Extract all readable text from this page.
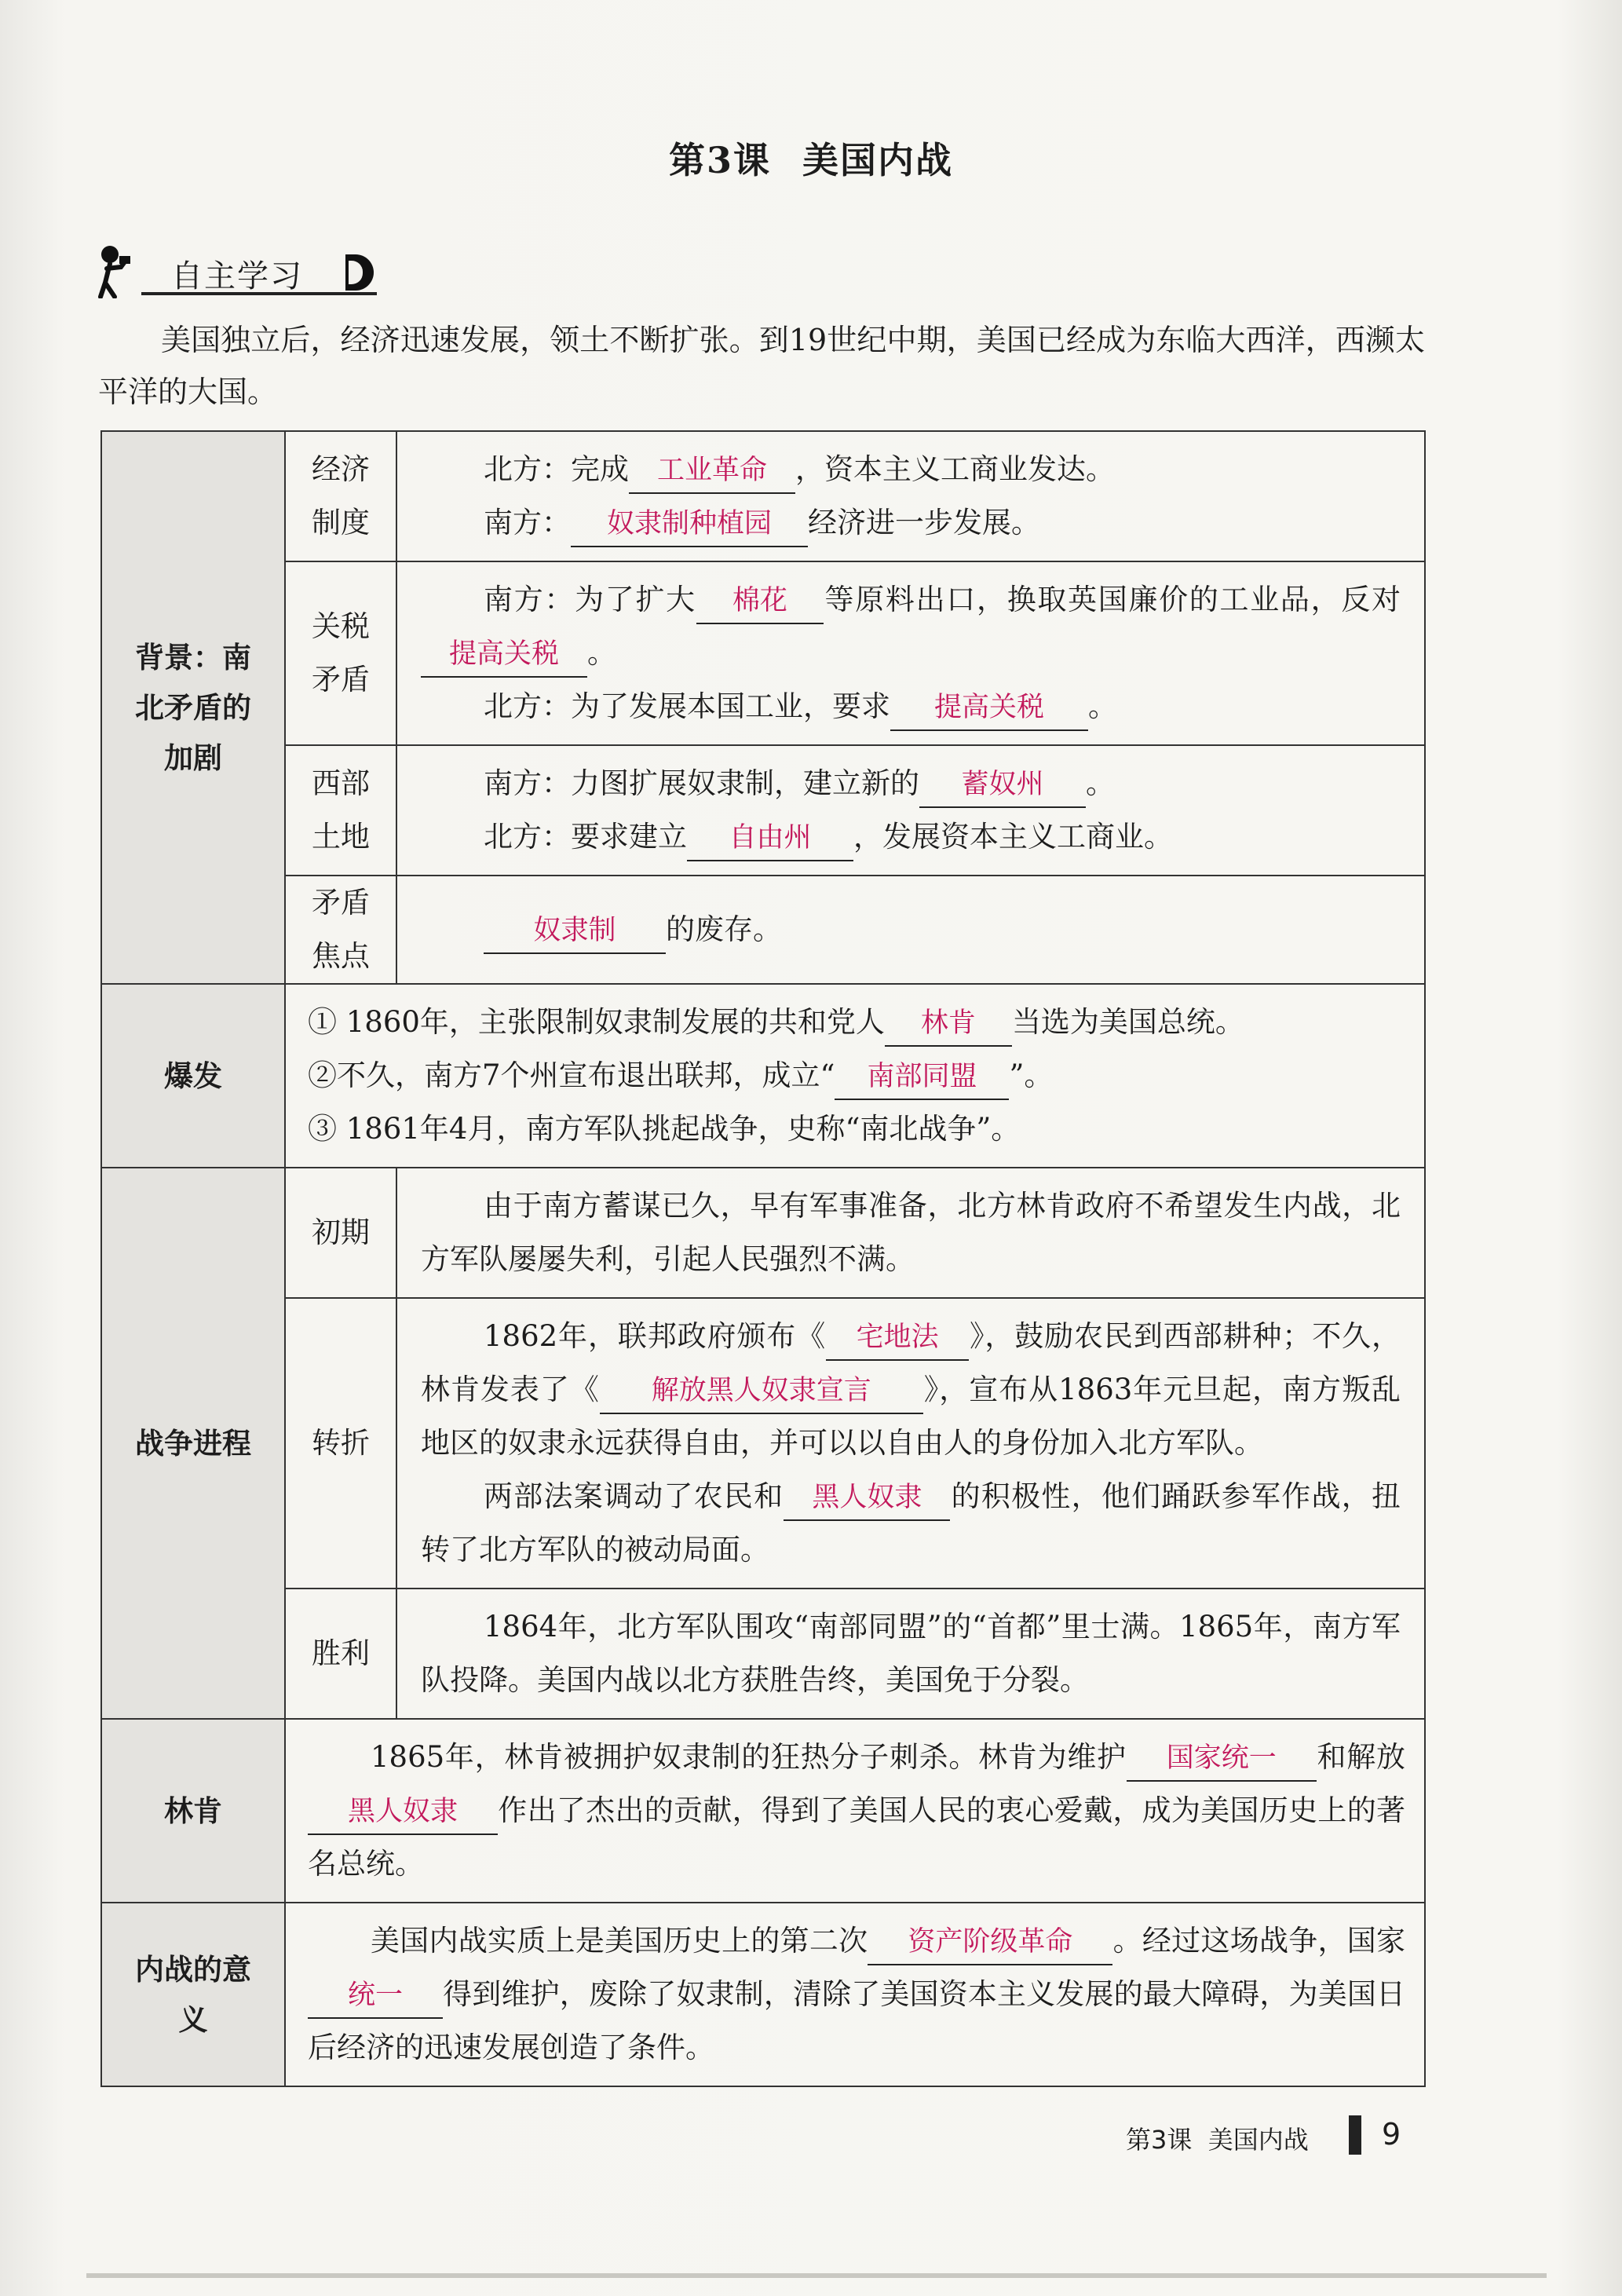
第3课 美国内战
自主学习
美国独立后，经济迅速发展，领土不断扩张。到19世纪中期，美国已经成为东临大西洋，西濒太平洋的大国。
背景：南北矛盾的加剧	经济制度	北方：完成 工业革命 ，资本主义工商业发达。
南方： 奴隶制种植园 经济进一步发展。

	关税矛盾	南方：为了扩大 棉花 等原料出口，换取英国廉价的工业品，反对提高关税 。
北方：为了发展本国工业，要求 提高关税 。

	西部土地	南方：力图扩展奴隶制，建立新的 蓄奴州 。
北方：要求建立 自由州 ，发展资本主义工商业。

	矛盾焦点	奴隶制 的废存。

爆发	① 1860年，主张限制奴隶制发展的共和党人 林肯 当选为美国总统。
②不久，南方7个州宣布退出联邦，成立“ 南部同盟 ”。
③ 1861年4月，南方军队挑起战争，史称“南北战争”。	

战争进程	初期	由于南方蓄谋已久，早有军事准备，北方林肯政府不希望发生内战，北方军队屡屡失利，引起人民强烈不满。

	转折	1862年，联邦政府颁布《 宅地法 》，鼓励农民到西部耕种；不久，林肯发表了《 解放黑人奴隶宣言 》，宣布从1863年元旦起，南方叛乱地区的奴隶永远获得自由，并可以以自由人的身份加入北方军队。
两部法案调动了农民和 黑人奴隶 的积极性，他们踊跃参军作战，扭转了北方军队的被动局面。

	胜利	1864年，北方军队围攻“南部同盟”的“首都”里士满。1865年，南方军队投降。美国内战以北方获胜告终，美国免于分裂。

林肯	1865年，林肯被拥护奴隶制的狂热分子刺杀。林肯为维护 国家统一 和解放黑人奴隶 作出了杰出的贡献，得到了美国人民的衷心爱戴，成为美国历史上的著名总统。	

内战的意义	美国内战实质上是美国历史上的第二次 资产阶级革命 。经过这场战争，国家统一 得到维护，废除了奴隶制，清除了美国资本主义发展的最大障碍，为美国日后经济的迅速发展创造了条件。	
第3课 美国内战 9
